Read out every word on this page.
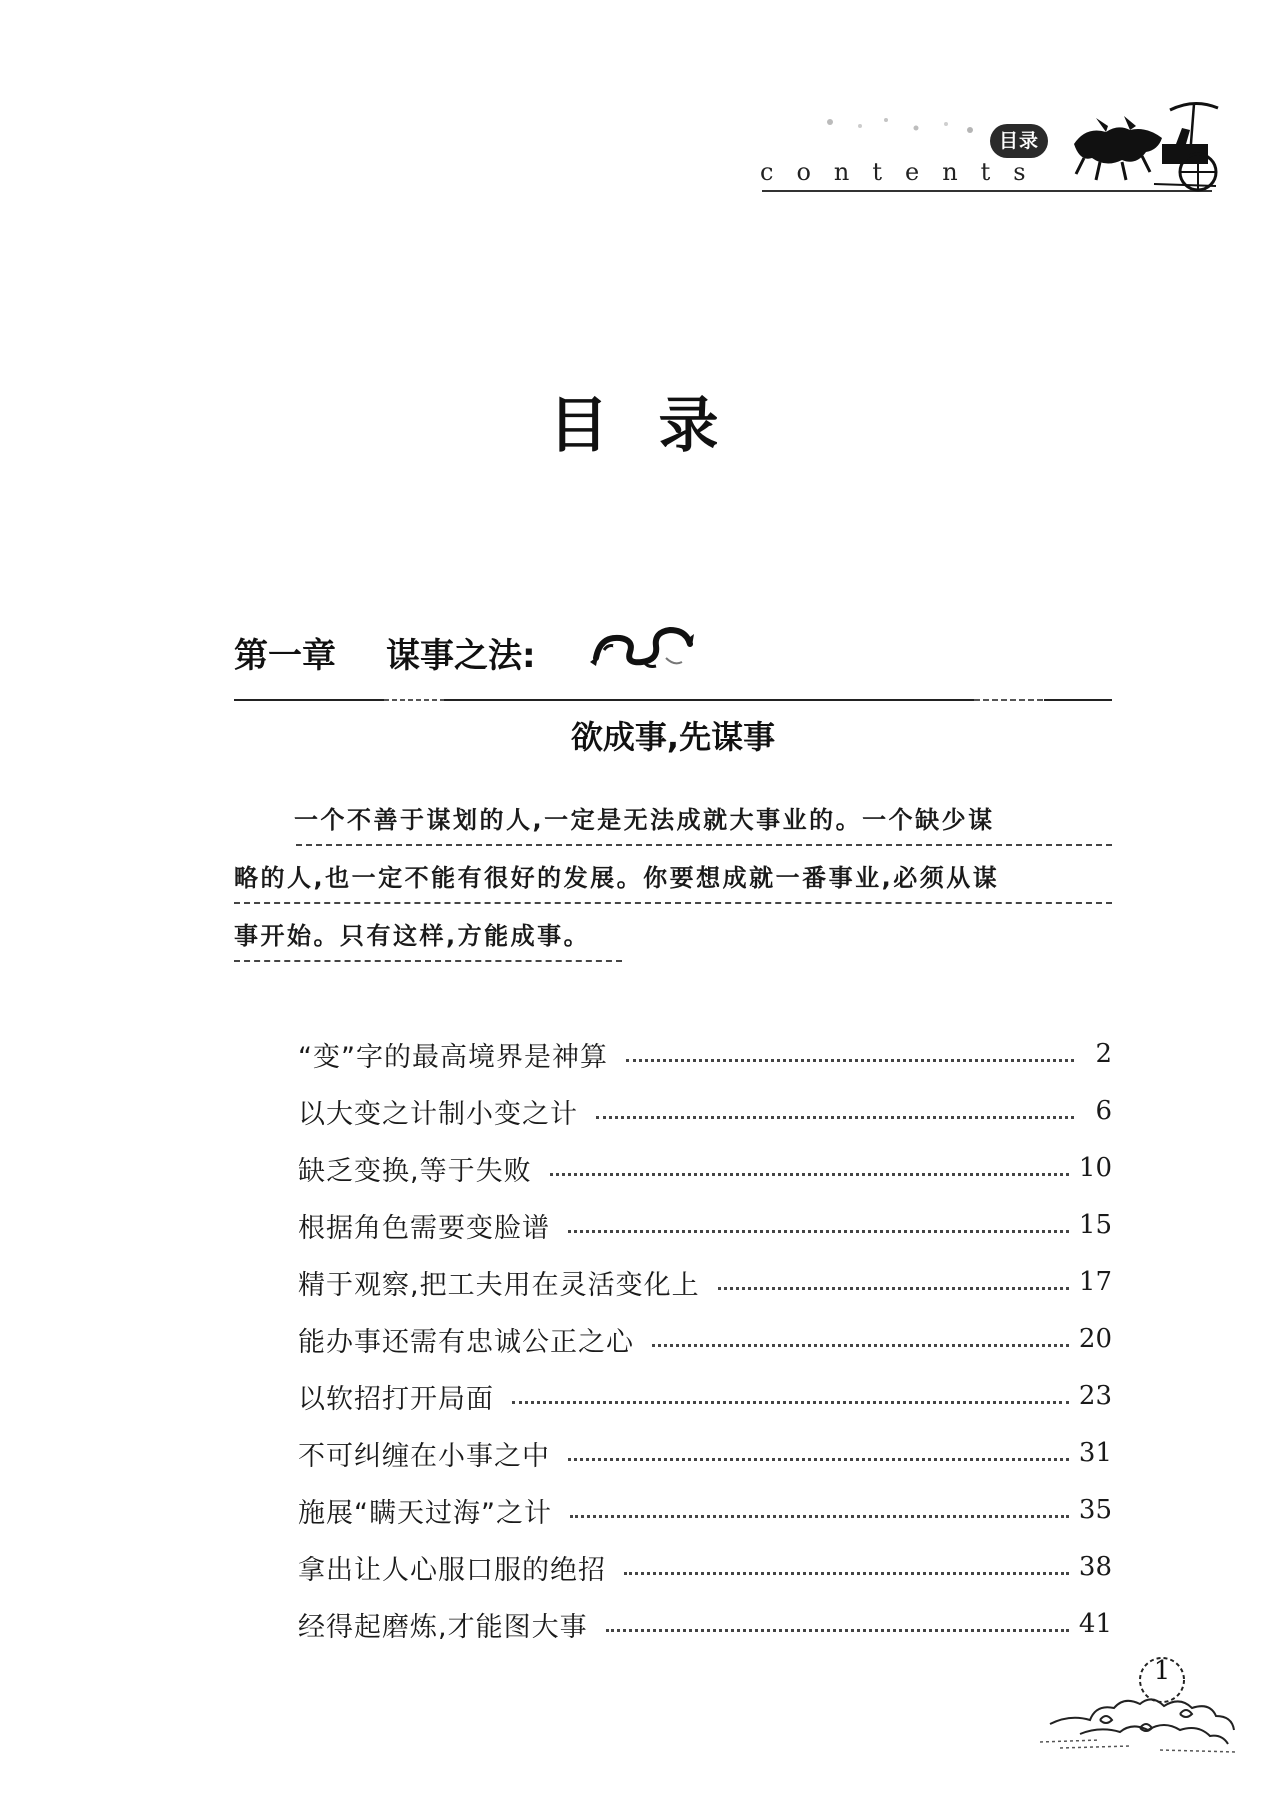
目录
contents
目录
第一章 谋事之法:
欲成事,先谋事
一个不善于谋划的人,一定是无法成就大事业的。一个缺少谋
略的人,也一定不能有很好的发展。你要想成就一番事业,必须从谋
事开始。只有这样,方能成事。
“变”字的最高境界是神算	2
以大变之计制小变之计	6
缺乏变换,等于失败	10
根据角色需要变脸谱	15
精于观察,把工夫用在灵活变化上	17
能办事还需有忠诚公正之心	20
以软招打开局面	23
不可纠缠在小事之中	31
施展“瞒天过海”之计	35
拿出让人心服口服的绝招	38
经得起磨炼,才能图大事	41
1
